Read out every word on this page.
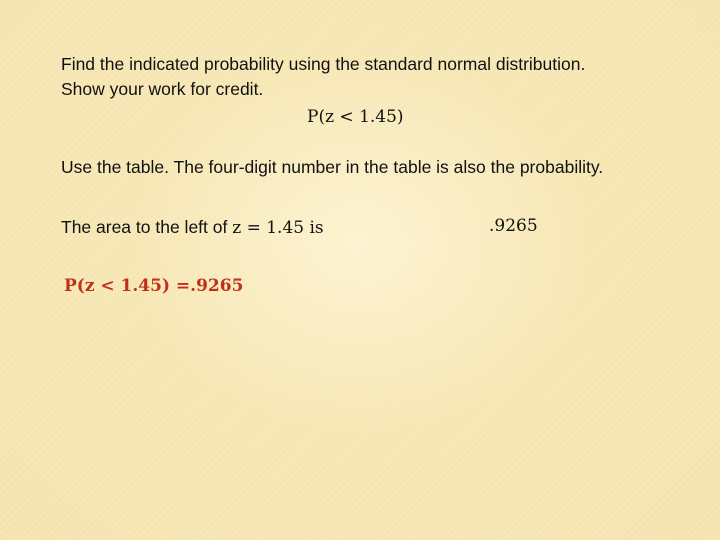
Find the indicated probability using the standard normal distribution.

Show your work for credit.

P(z < 1.45)

Use the table. The four-digit number in the table is also the probability.

The area to the left of z = 1.45 is	.9265

P(z < 1.45) =.9265
